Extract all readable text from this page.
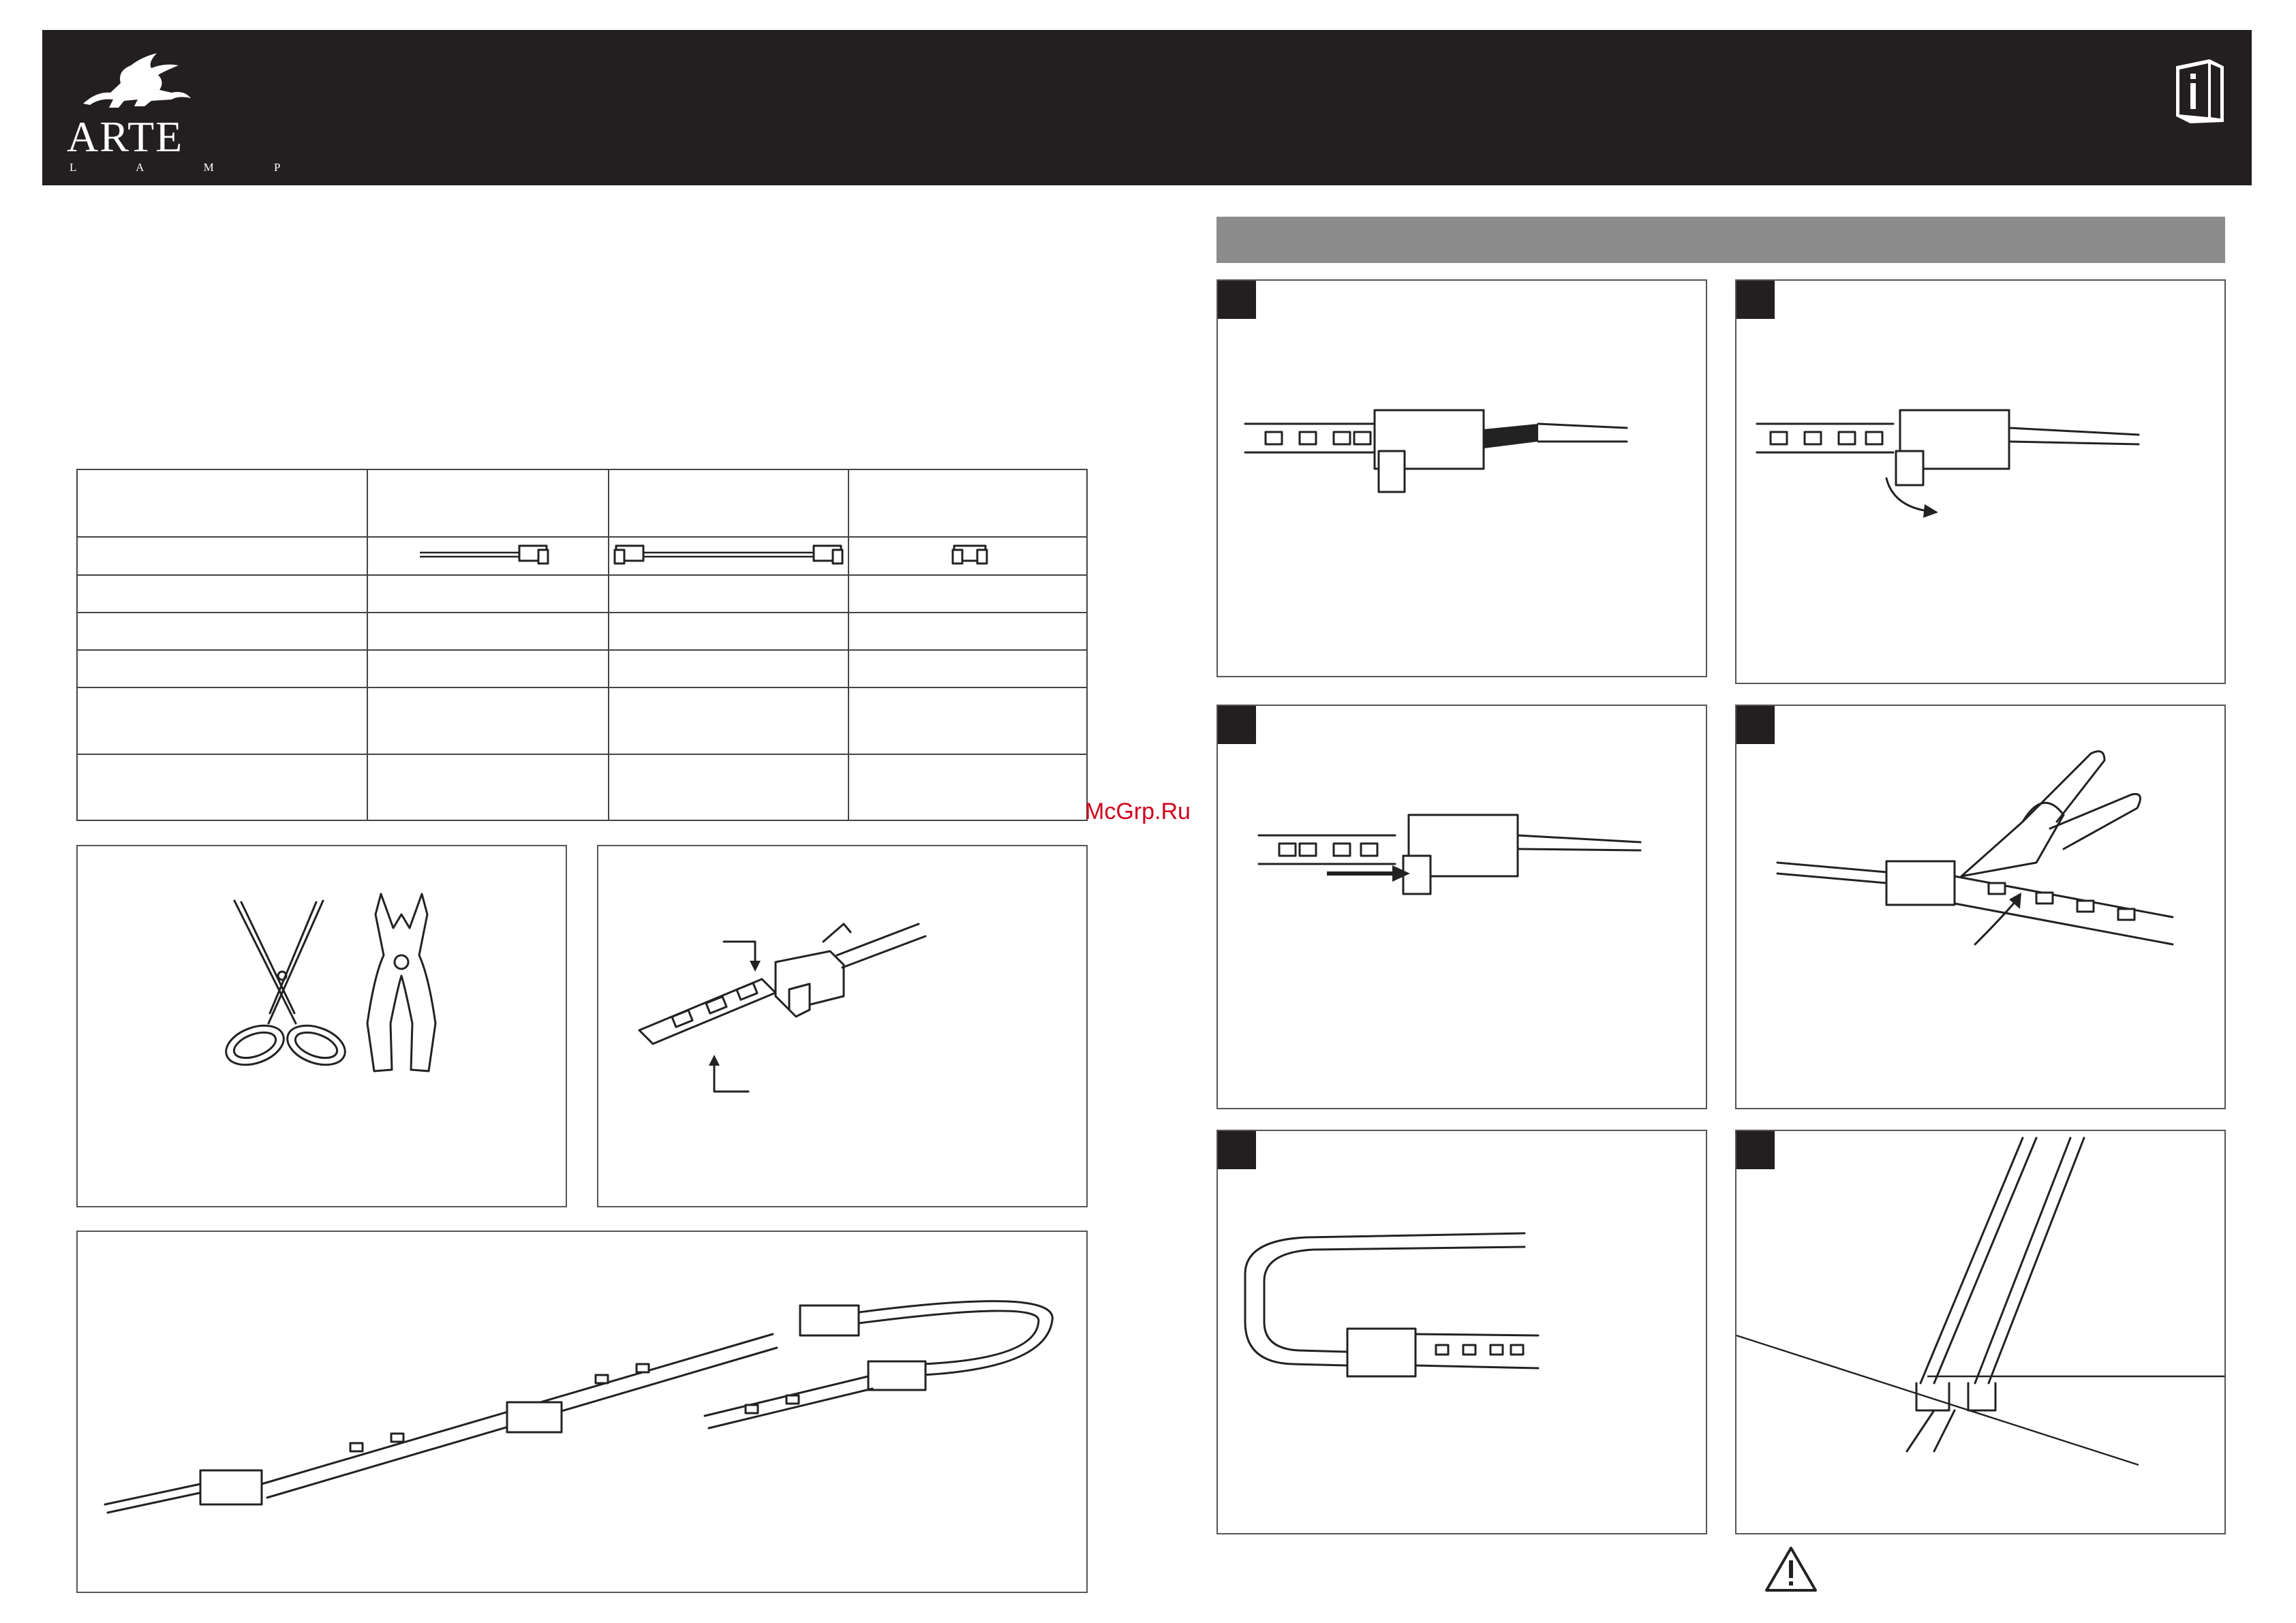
ARTE
L A M P

McGrp.Ru
